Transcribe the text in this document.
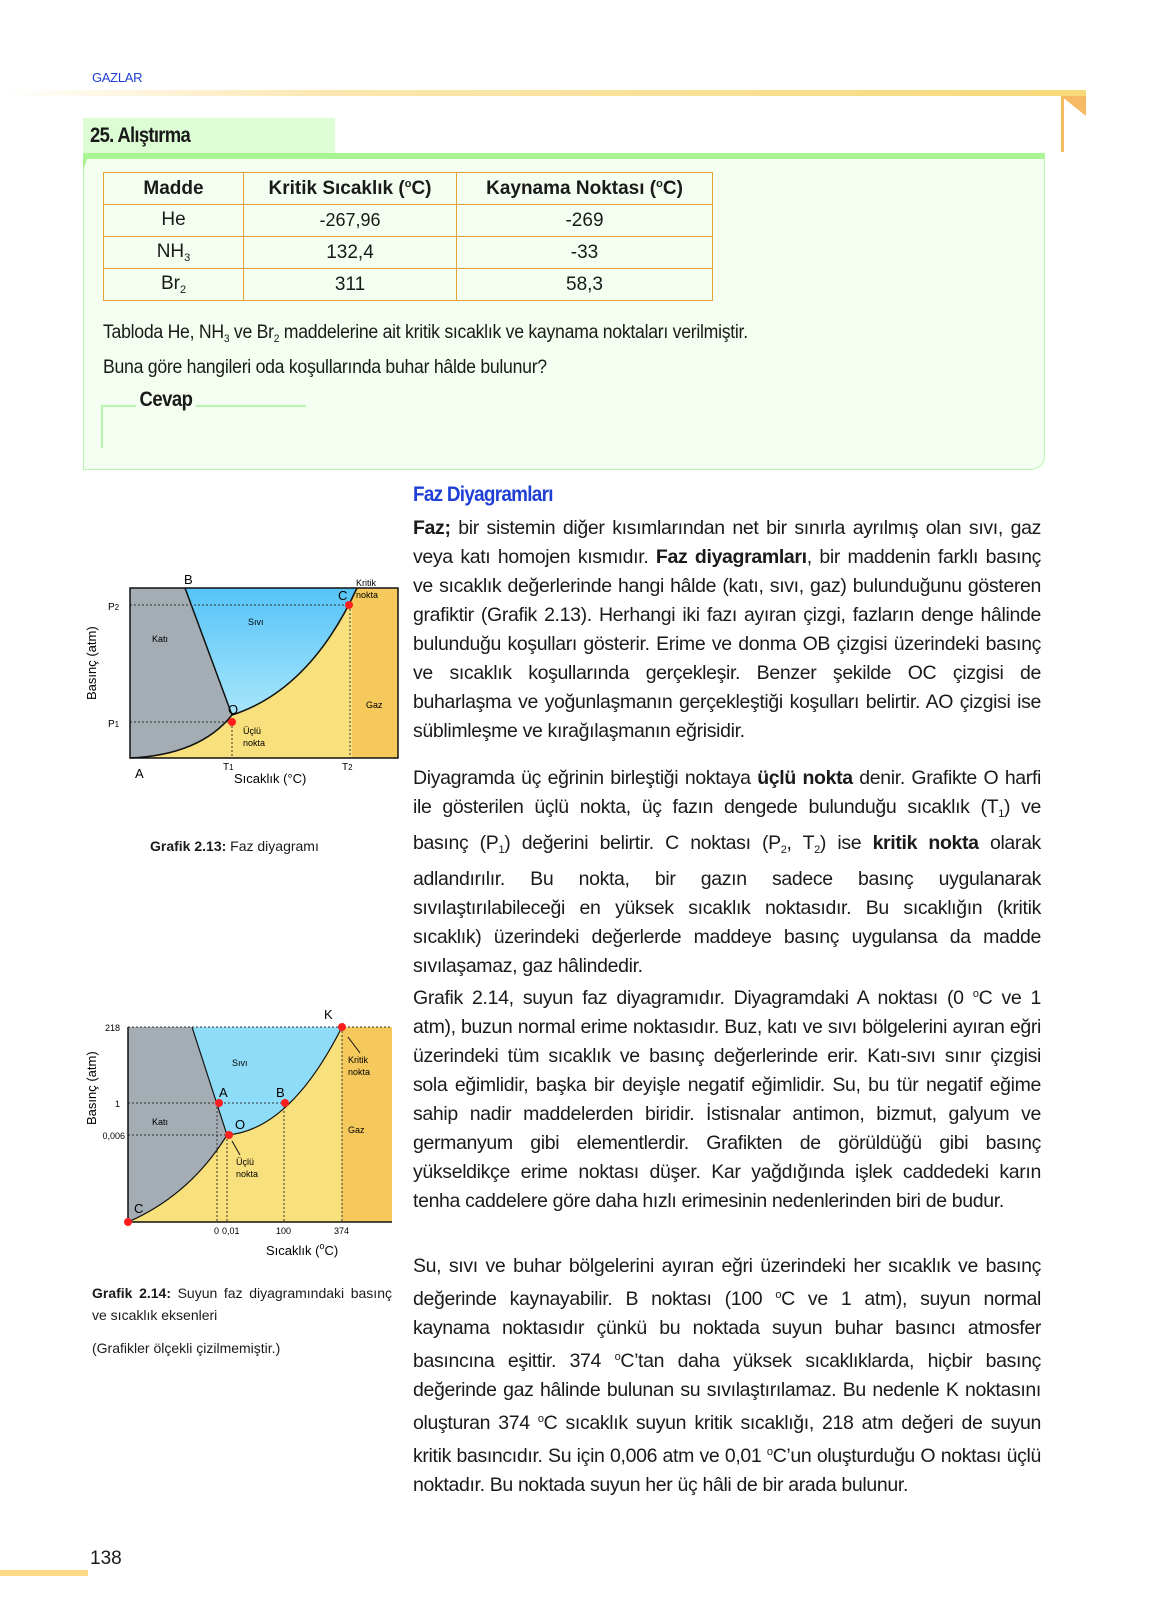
GAZLAR
25. Alıştırma
Madde	Kritik Sıcaklık ($^o$C)	Kaynama Noktası ($^o$C)
He	-267,96	-269
$NH_3$	132,4	-33
$Br_2$	311	58,3
Tabloda He, $NH_3$ ve $Br_2$ maddelerine ait kritik sıcaklık ve kaynama noktaları verilmiştir.
Buna göre hangileri oda koşullarında buhar hâlde bulunur?
Cevap
Faz Diyagramları
Faz; bir sistemin diğer kısımlarından net bir sınırla ayrılmış olan sıvı, gaz veya katı homojen kısmıdır. Faz diyagramları, bir maddenin farklı basınç ve sıcaklık değerlerinde hangi hâlde (katı, sıvı, gaz) bulunduğunu gösteren grafiktir (Grafik 2.13). Herhangi iki fazı ayıran çizgi, fazların denge hâlinde bulunduğu koşulları gösterir. Erime ve donma OB çizgisi üzerindeki basınç ve sıcaklık koşullarında gerçekleşir. Benzer şekilde OC çizgisi de buharlaşma ve yoğunlaşmanın gerçekleştiği koşulları belirtir. AO çizgisi ise süblimleşme ve kırağılaşmanın eğrisidir.
Diyagramda üç eğrinin birleştiği noktaya üçlü nokta denir. Grafikte O harfi ile gösterilen üçlü nokta, üç fazın dengede bulunduğu sıcaklık $(T_1)$ ve basınç $(P_1)$ değerini belirtir. C noktası ($P_2$, $T_2$) ise kritik nokta olarak adlandırılır. Bu nokta, bir gazın sadece basınç uygulanarak sıvılaştırılabileceği en yüksek sıcaklık noktasıdır. Bu sıcaklığın (kritik sıcaklık) üzerindeki değerlerde maddeye basınç uygulansa da madde sıvılaşamaz, gaz hâlindedir.
Grafik 2.14, suyun faz diyagramıdır. Diyagramdaki A noktası (0 $^o$C ve 1 atm), buzun normal erime noktasıdır. Buz, katı ve sıvı bölgelerini ayıran eğri üzerindeki tüm sıcaklık ve basınç değerlerinde erir. Katı-sıvı sınır çizgisi sola eğimlidir, başka bir deyişle negatif eğimlidir. Su, bu tür negatif eğime sahip nadir maddelerden biridir. İstisnalar antimon, bizmut, galyum ve germanyum gibi elementlerdir. Grafikten de görüldüğü gibi basınç yükseldikçe erime noktası düşer. Kar yağdığında işlek caddedeki karın tenha caddelere göre daha hızlı erimesinin nedenlerinden biri de budur.
Su, sıvı ve buhar bölgelerini ayıran eğri üzerindeki her sıcaklık ve basınç değerinde kaynayabilir. B noktası (100 $^o$C ve 1 atm), suyun normal kaynama noktasıdır çünkü bu noktada suyun buhar basıncı atmosfer basıncına eşittir. 374 $^o$C’tan daha yüksek sıcaklıklarda, hiçbir basınç değerinde gaz hâlinde bulunan su sıvılaştırılamaz. Bu nedenle K noktasını oluşturan 374 $^o$C sıcaklık suyun kritik sıcaklığı, 218 atm değeri de suyun kritik basıncıdır. Su için 0,006 atm ve 0,01 $^o$C’un oluşturduğu O noktası üçlü noktadır. Bu noktada suyun her üç hâli de bir arada bulunur.
B
C
O
A
P2
P1
T1	T2
Sıcaklık (°C)
Basınç (atm)	Katı
Sıvı
Gaz
Kritik
nokta
Üçlü
nokta
Grafik 2.13: Faz diyagramı
K
A	B
O
C
218
1
0,006
0 0,01	100	374
Sıcaklık ($^o$C)
Basınç (atm)	Katı
Sıvı
Gaz
Kritik
nokta
Üçlü
nokta
Grafik 2.14: Suyun faz diyagramındaki basınç ve sıcaklık eksenleri
(Grafikler ölçekli çizilmemiştir.)
138
